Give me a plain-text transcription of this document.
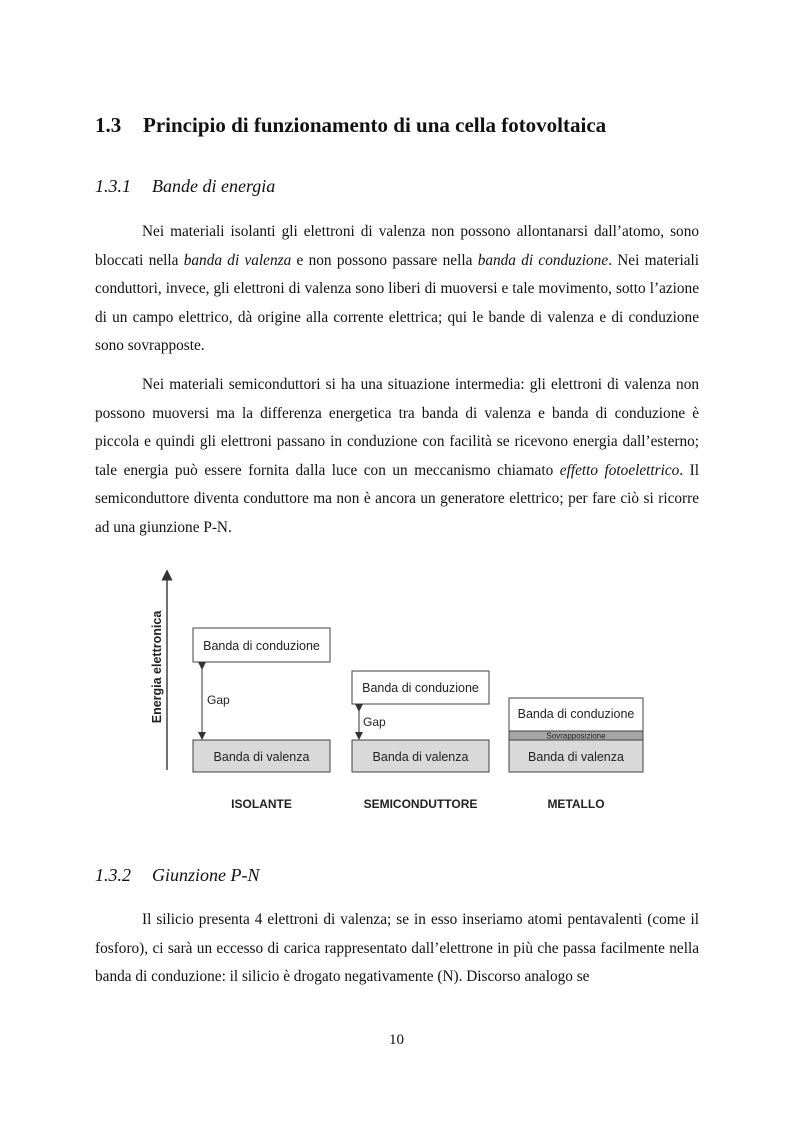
1.3 Principio di funzionamento di una cella fotovoltaica
1.3.1 Bande di energia

Nei materiali isolanti gli elettroni di valenza non possono allontanarsi dall’atomo, sono bloccati nella banda di valenza e non possono passare nella banda di conduzione. Nei materiali conduttori, invece, gli elettroni di valenza sono liberi di muoversi e tale movimento, sotto l’azione di un campo elettrico, dà origine alla corrente elettrica; qui le bande di valenza e di conduzione sono sovrapposte.

Nei materiali semiconduttori si ha una situazione intermedia: gli elettroni di valenza non possono muoversi ma la differenza energetica tra banda di valenza e banda di conduzione è piccola e quindi gli elettroni passano in conduzione con facilità se ricevono energia dall’esterno; tale energia può essere fornita dalla luce con un meccanismo chiamato effetto fotoelettrico. Il semiconduttore diventa conduttore ma non è ancora un generatore elettrico; per fare ciò si ricorre ad una giunzione P-N.

Energia elettronica	Banda di conduzione
Gap
Banda di valenza
ISOLANTE
Banda di conduzione
Gap
Banda di valenza
SEMICONDUTTORE
Banda di conduzione
Sovrapposizione
Banda di valenza
METALLO
1.3.2 Giunzione P-N

Il silicio presenta 4 elettroni di valenza; se in esso inseriamo atomi pentavalenti (come il fosforo), ci sarà un eccesso di carica rappresentato dall’elettrone in più che passa facilmente nella banda di conduzione: il silicio è drogato negativamente (N). Discorso analogo se

10
